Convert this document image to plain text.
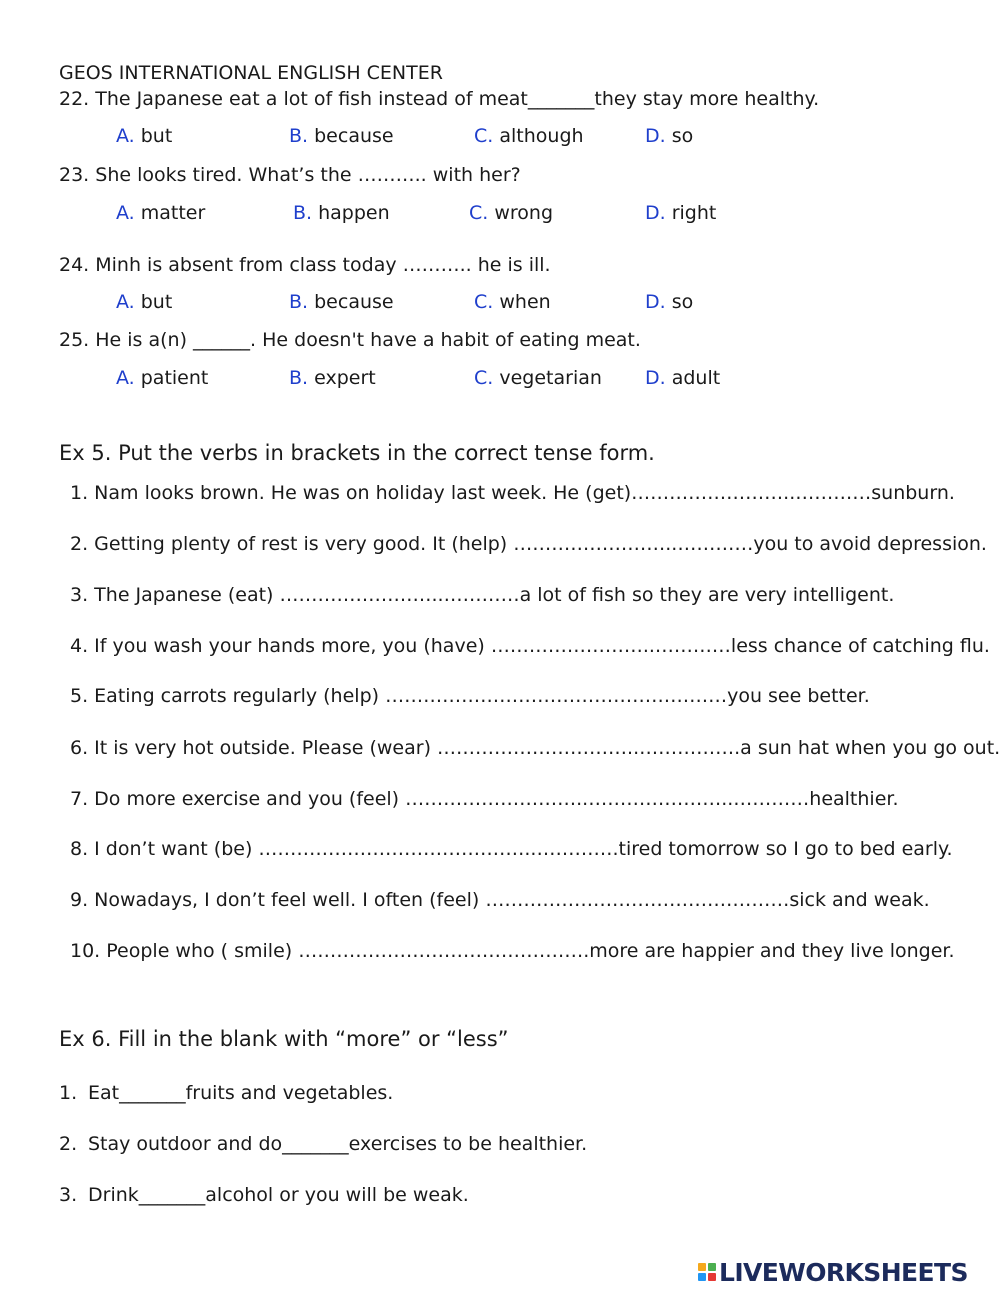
GEOS INTERNATIONAL ENGLISH CENTER
22. The Japanese eat a lot of fish instead of meat_______they stay more healthy.
A. but	B. because	C. although	D. so
23. She looks tired. What’s the ……….. with her?
A. matter	B. happen	C. wrong	D. right
24. Minh is absent from class today ……….. he is ill.
A. but	B. because	C. when	D. so
25. He is a(n) ______. He doesn't have a habit of eating meat.
A. patient	B. expert	C. vegetarian D. adult
Ex 5. Put the verbs in brackets in the correct tense form.
1. Nam looks brown. He was on holiday last week. He (get)……………………..…………sunburn.
2. Getting plenty of rest is very good. It (help) ……………………..…………you to avoid depression.
3. The Japanese (eat) ……………………..…………a lot of fish so they are very intelligent.
4. If you wash your hands more, you (have) ……………………..…………less chance of catching flu.
5. Eating carrots regularly (help) ………………………………………………you see better.
6. It is very hot outside. Please (wear) …………………………..…………….a sun hat when you go out.
7. Do more exercise and you (feel) ………………………..…………………..…………healthier.
8. I don’t want (be) ……………………………………..………….tired tomorrow so I go to bed early.
9. Nowadays, I don’t feel well. I often (feel) …………………………………………sick and weak.
10. People who ( smile) ……………………………………….more are happier and they live longer.
Ex 6. Fill in the blank with “more” or “less”
1. Eat_______fruits and vegetables.
2. Stay outdoor and do_______exercises to be healthier.
3. Drink_______alcohol or you will be weak.
LIVEWORKSHEETS
